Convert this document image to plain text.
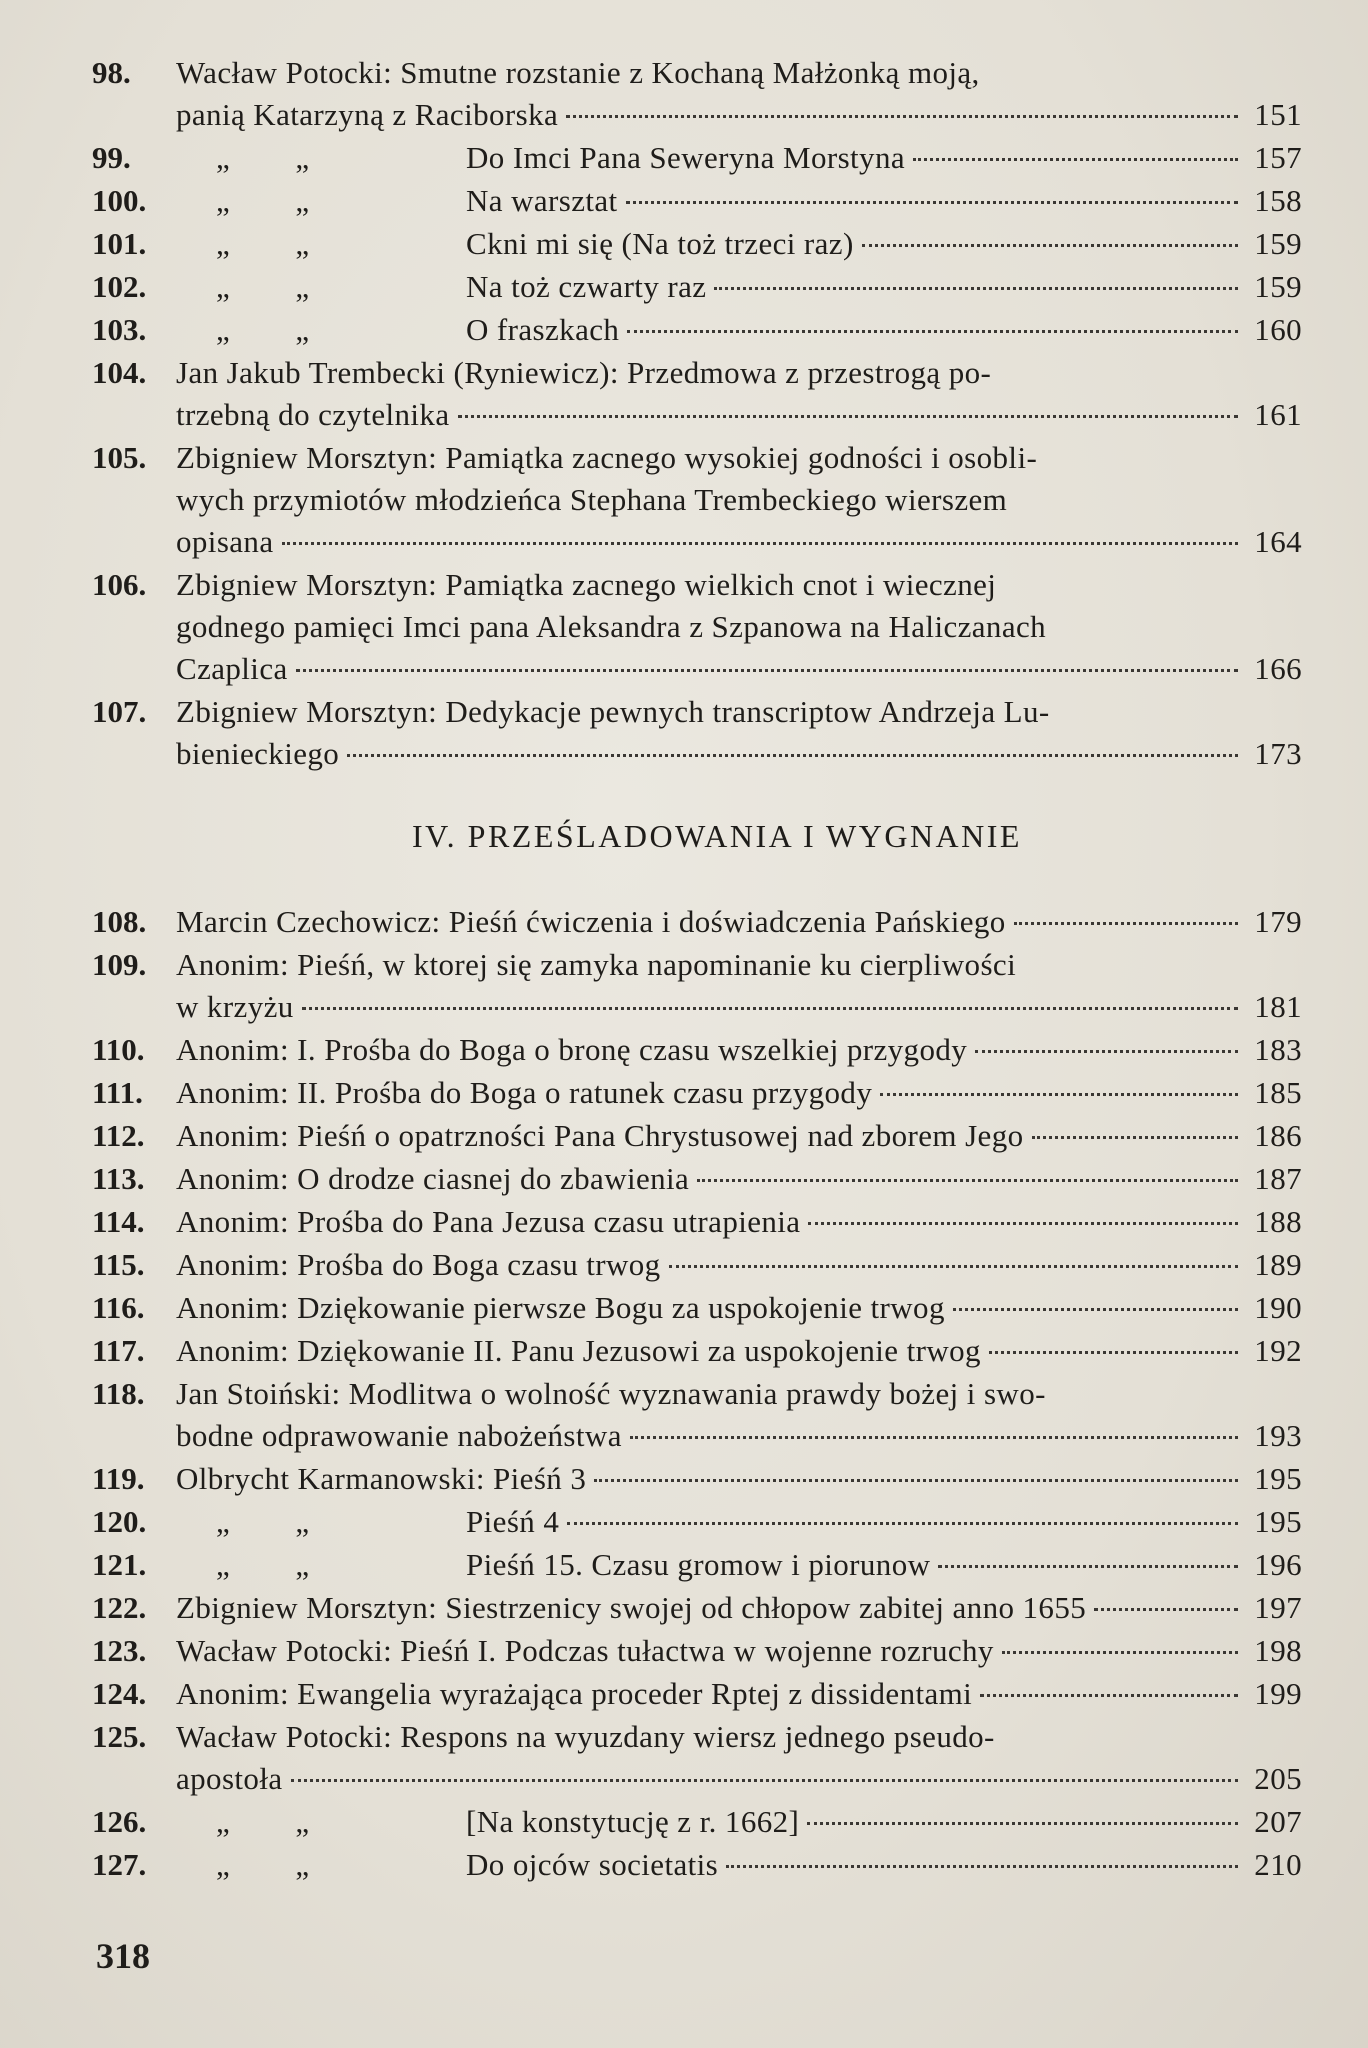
98.	Wacław Potocki: Smutne rozstanie z Kochaną Małżonką moją,
panią Katarzyną z Raciborska	151
99.	„        „	Do Imci Pana Seweryna Morstyna	157
100.	„        „	Na warsztat	158
101.	„        „	Ckni mi się (Na toż trzeci raz)	159
102.	„        „	Na toż czwarty raz	159
103.	„        „	O fraszkach	160
104. Jan Jakub Trembecki (Ryniewicz): Przedmowa z przestrogą po-
trzebną do czytelnika	161
105. Zbigniew Morsztyn: Pamiątka zacnego wysokiej godności i osobli-
wych przymiotów młodzieńca Stephana Trembeckiego wierszem
opisana	164
106. Zbigniew Morsztyn: Pamiątka zacnego wielkich cnot i wiecznej
godnego pamięci Imci pana Aleksandra z Szpanowa na Haliczanach
Czaplica	166
107. Zbigniew Morsztyn: Dedykacje pewnych transcriptow Andrzeja Lu-
bienieckiego	173
IV. PRZEŚLADOWANIA I WYGNANIE
108. Marcin Czechowicz: Pieśń ćwiczenia i doświadczenia Pańskiego	179
109. Anonim: Pieśń, w ktorej się zamyka napominanie ku cierpliwości
w krzyżu	181
110.	Anonim: I. Prośba do Boga o bronę czasu wszelkiej przygody	183
111.	Anonim: II. Prośba do Boga o ratunek czasu przygody	185
112.	Anonim: Pieśń o opatrzności Pana Chrystusowej nad zborem Jego	186
113.	Anonim: O drodze ciasnej do zbawienia	187
114.	Anonim: Prośba do Pana Jezusa czasu utrapienia	188
115.	Anonim: Prośba do Boga czasu trwog	189
116.	Anonim: Dziękowanie pierwsze Bogu za uspokojenie trwog	190
117.	Anonim: Dziękowanie II. Panu Jezusowi za uspokojenie trwog	192
118.	Jan Stoiński: Modlitwa o wolność wyznawania prawdy bożej i swo-
bodne odprawowanie nabożeństwa	193
119.	Olbrycht Karmanowski: Pieśń 3	195
120.	„        „	Pieśń 4	195
121.	„        „	Pieśń 15. Czasu gromow i piorunow	196
122. Zbigniew Morsztyn: Siestrzenicy swojej od chłopow zabitej anno 1655	197
123. Wacław Potocki: Pieśń I. Podczas tułactwa w wojenne rozruchy	198
124. Anonim: Ewangelia wyrażająca proceder Rptej z dissidentami	199
125. Wacław Potocki: Respons na wyuzdany wiersz jednego pseudo-
apostoła	205
126.	„        „	[Na konstytucję z r. 1662]	207
127.	„        „	Do ojców societatis	210
318
